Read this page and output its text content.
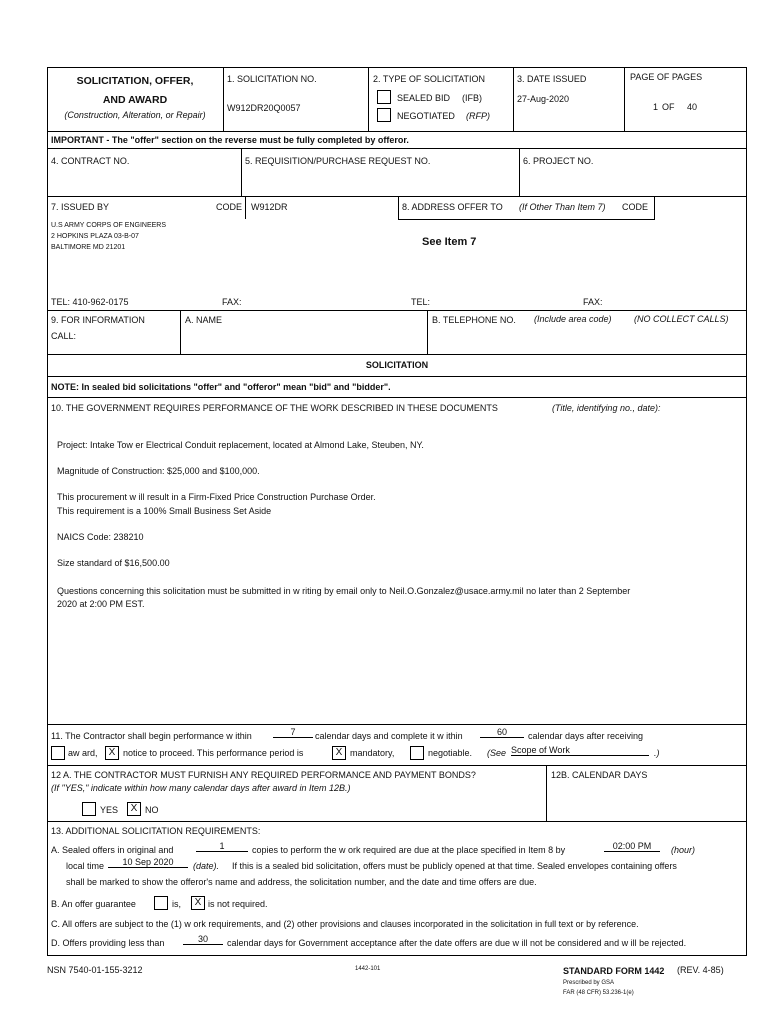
SOLICITATION, OFFER,
AND AWARD
(Construction, Alteration, or Repair)
1. SOLICITATION NO.
W912DR20Q0057
2. TYPE OF SOLICITATION
SEALED BID (IFB)
NEGOTIATED (RFP)
3. DATE ISSUED
27-Aug-2020
PAGE OF PAGES
1 OF 40
IMPORTANT - The "offer" section on the reverse must be fully completed by offeror.
4. CONTRACT NO.	5. REQUISITION/PURCHASE REQUEST NO.	6. PROJECT NO.
7. ISSUED BY	CODE W912DR
U.S ARMY CORPS OF ENGINEERS
2 HOPKINS PLAZA 03-B-07
BALTIMORE MD 21201
TEL: 410-962-0175	FAX:
8. ADDRESS OFFER TO (If Other Than Item 7) CODE
See Item 7
TEL:	FAX:
9. FOR INFORMATION
CALL:
A. NAME	B. TELEPHONE NO. (Include area code) (NO COLLECT CALLS)
SOLICITATION
NOTE: In sealed bid solicitations "offer" and "offeror" mean "bid" and "bidder".
10. THE GOVERNMENT REQUIRES PERFORMANCE OF THE WORK DESCRIBED IN THESE DOCUMENTS	(Title, identifying no., date):
Project: Intake Tow er Electrical Conduit replacement, located at Almond Lake, Steuben, NY.
Magnitude of Construction: $25,000 and $100,000.
This procurement w ill result in a Firm-Fixed Price Construction Purchase Order.
This requirement is a 100% Small Business Set Aside
NAICS Code: 238210
Size standard of $16,500.00
Questions concerning this solicitation must be submitted in w riting by email only to Neil.O.Gonzalez@usace.army.mil no later than 2 September
2020 at 2:00 PM EST.
11. The Contractor shall begin performance w ithin	7	calendar days and complete it w ithin	60	calendar days after receiving
aw ard,	X notice to proceed. This performance period is	X mandatory,	negotiable. (See Scope of Work	.)
12 A. THE CONTRACTOR MUST FURNISH ANY REQUIRED PERFORMANCE AND PAYMENT BONDS?
(If "YES," indicate within how many calendar days after award in Item 12B.)
YES	X NO
12B. CALENDAR DAYS
13. ADDITIONAL SOLICITATION REQUIREMENTS:
A. Sealed offers in original and	1	copies to perform the w ork required are due at the place specified in Item 8 by	02:00 PM	(hour)
local time	10 Sep 2020	(date). If this is a sealed bid solicitation, offers must be publicly opened at that time. Sealed envelopes containing offers
shall be marked to show the offeror's name and address, the solicitation number, and the date and time offers are due.
B. An offer guarantee	is,	X is not required.
C. All offers are subject to the (1) w ork requirements, and (2) other provisions and clauses incorporated in the solicitation in full text or by reference.
D. Offers providing less than	30	calendar days for Government acceptance after the date offers are due w ill not be considered and w ill be rejected.
NSN 7540-01-155-3212	1442-101	STANDARD FORM 1442 (REV. 4-85)
Prescribed by GSA
FAR (48 CFR) 53.236-1(e)
